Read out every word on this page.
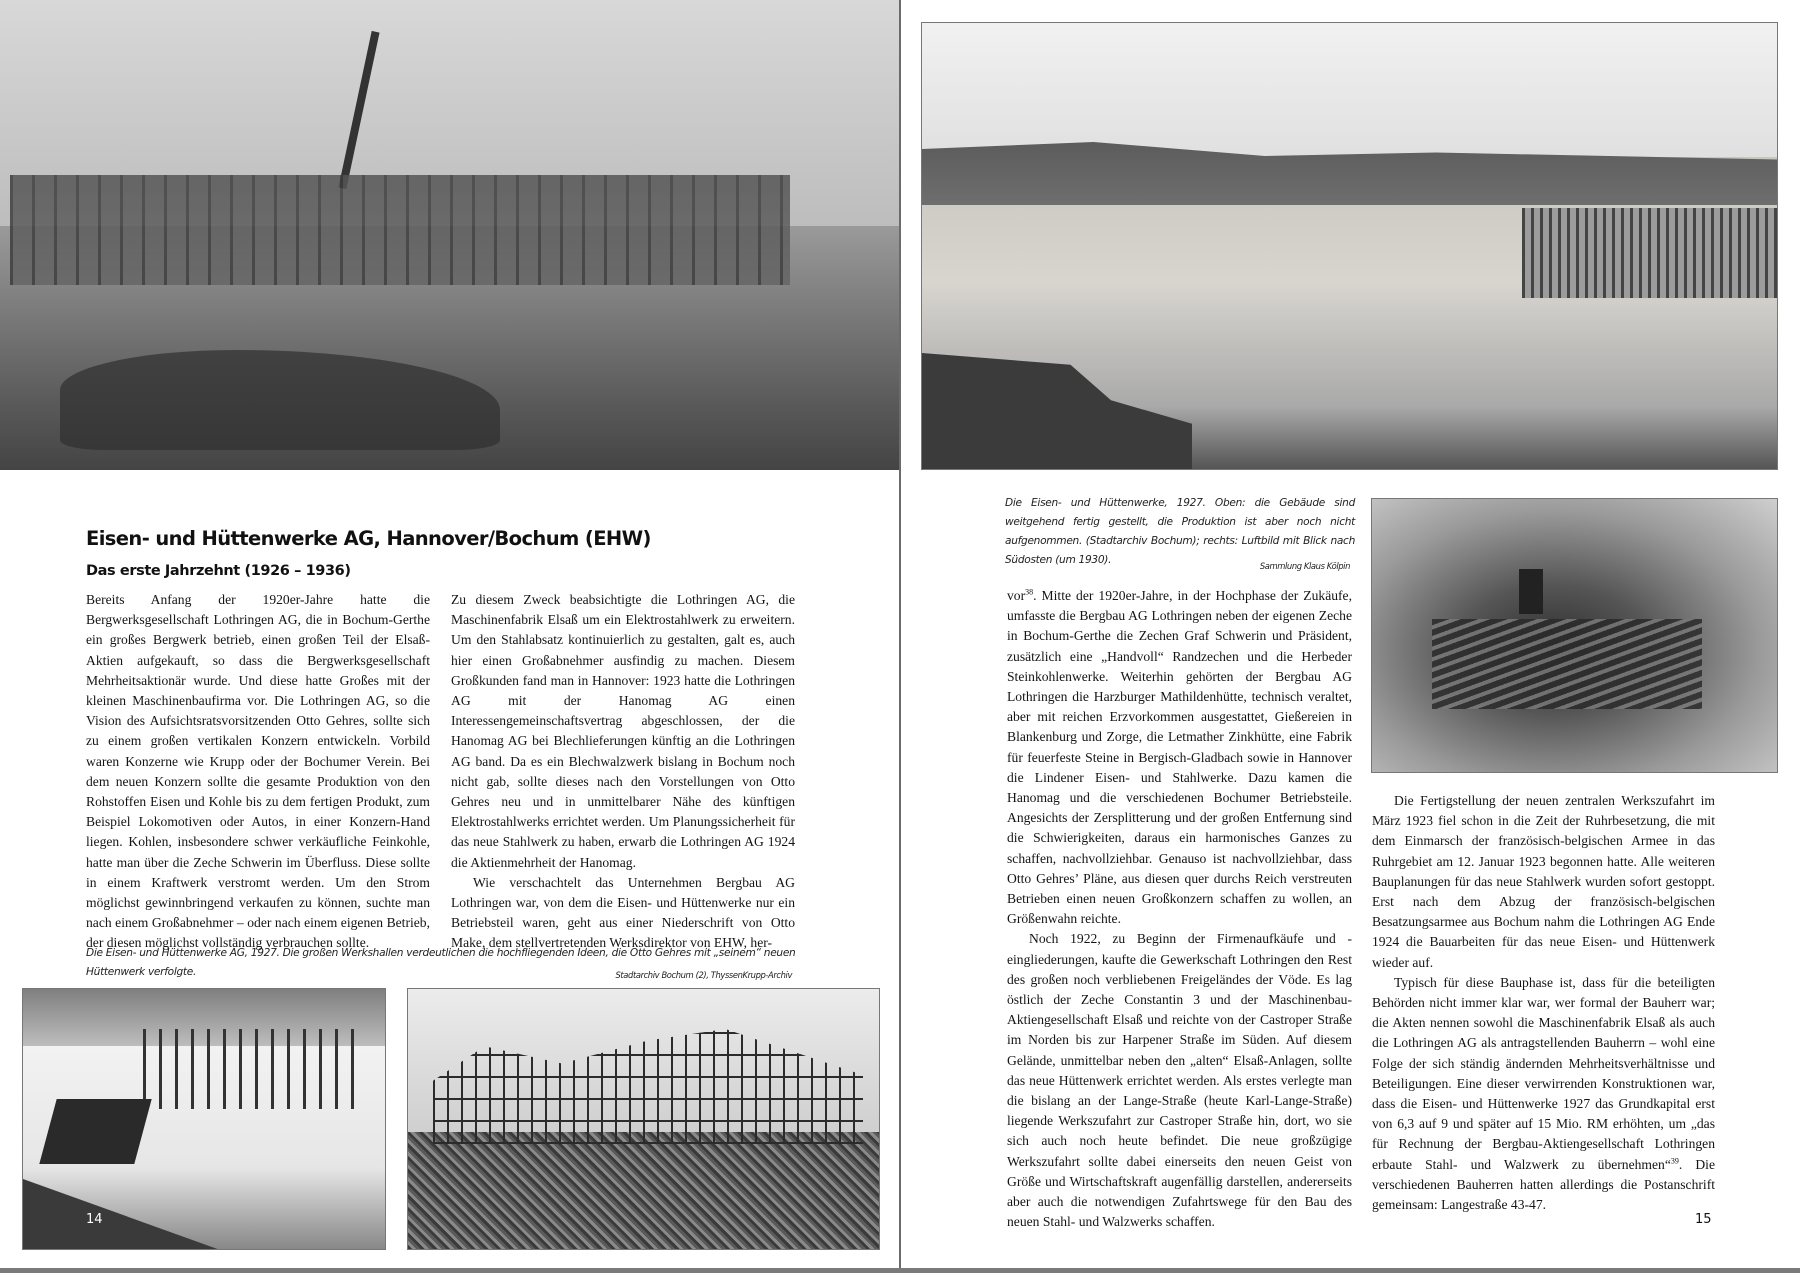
Eisen- und Hüttenwerke AG, Hannover/Bochum (EHW)
Das erste Jahrzehnt (1926 – 1936)

Bereits Anfang der 1920er-Jahre hatte die Bergwerksgesellschaft Lothringen AG, die in Bochum-Gerthe ein großes Bergwerk betrieb, einen großen Teil der Elsaß-Aktien aufgekauft, so dass die Bergwerksgesellschaft Mehrheitsaktionär wurde. Und diese hatte Großes mit der kleinen Maschinenbaufirma vor. Die Lothringen AG, so die Vision des Aufsichtsratsvorsitzenden Otto Gehres, sollte sich zu einem großen vertikalen Konzern entwickeln. Vorbild waren Konzerne wie Krupp oder der Bochumer Verein. Bei dem neuen Konzern sollte die gesamte Produktion von den Rohstoffen Eisen und Kohle bis zu dem fertigen Produkt, zum Beispiel Lokomotiven oder Autos, in einer Konzern-Hand liegen. Kohlen, insbesondere schwer verkäufliche Feinkohle, hatte man über die Zeche Schwerin im Überfluss. Diese sollte in einem Kraftwerk verstromt werden. Um den Strom möglichst gewinnbringend verkaufen zu können, suchte man nach einem Großabnehmer – oder nach einem eigenen Betrieb, der diesen möglichst vollständig verbrauchen sollte.

Zu diesem Zweck beabsichtigte die Lothringen AG, die Maschinenfabrik Elsaß um ein Elektrostahlwerk zu erweitern. Um den Stahlabsatz kontinuierlich zu gestalten, galt es, auch hier einen Großabnehmer ausfindig zu machen. Diesem Großkunden fand man in Hannover: 1923 hatte die Lothringen AG mit der Hanomag AG einen Interessengemeinschaftsvertrag abgeschlossen, der die Hanomag AG bei Blechlieferungen künftig an die Lothringen AG band. Da es ein Blechwalzwerk bislang in Bochum noch nicht gab, sollte dieses nach den Vorstellungen von Otto Gehres neu und in unmittelbarer Nähe des künftigen Elektrostahlwerks errichtet werden. Um Planungssicherheit für das neue Stahlwerk zu haben, erwarb die Lothringen AG 1924 die Aktienmehrheit der Hanomag.

Wie verschachtelt das Unternehmen Bergbau AG Lothringen war, von dem die Eisen- und Hüttenwerke nur ein Betriebsteil waren, geht aus einer Niederschrift von Otto Make, dem stellvertretenden Werksdirektor von EHW, her-

Die Eisen- und Hüttenwerke AG, 1927. Die großen Werkshallen verdeutlichen die hochfliegenden Ideen, die Otto Gehres mit „seinem“ neuen Hüttenwerk verfolgte.	Stadtarchiv Bochum (2), ThyssenKrupp-Archiv
14
Die Eisen- und Hüttenwerke, 1927. Oben: die Gebäude sind weitgehend fertig gestellt, die Produktion ist aber noch nicht aufgenommen. (Stadtarchiv Bochum); rechts: Luftbild mit Blick nach Südosten (um 1930).	Sammlung Klaus Kölpin

vor$^{38}$. Mitte der 1920er-Jahre, in der Hochphase der Zukäufe, umfasste die Bergbau AG Lothringen neben der eigenen Zeche in Bochum-Gerthe die Zechen Graf Schwerin und Präsident, zusätzlich eine „Handvoll“ Randzechen und die Herbeder Steinkohlenwerke. Weiterhin gehörten der Bergbau AG Lothringen die Harzburger Mathildenhütte, technisch veraltet, aber mit reichen Erzvorkommen ausgestattet, Gießereien in Blankenburg und Zorge, die Letmather Zinkhütte, eine Fabrik für feuerfeste Steine in Bergisch-Gladbach sowie in Hannover die Lindener Eisen- und Stahlwerke. Dazu kamen die Hanomag und die verschiedenen Bochumer Betriebsteile. Angesichts der Zersplitterung und der großen Entfernung sind die Schwierigkeiten, daraus ein harmonisches Ganzes zu schaffen, nachvollziehbar. Genauso ist nachvollziehbar, dass Otto Gehres’ Pläne, aus diesen quer durchs Reich verstreuten Betrieben einen neuen Großkonzern schaffen zu wollen, an Größenwahn reichte.

Noch 1922, zu Beginn der Firmenaufkäufe und -eingliederungen, kaufte die Gewerkschaft Lothringen den Rest des großen noch verbliebenen Freigeländes der Vöde. Es lag östlich der Zeche Constantin 3 und der Maschinenbau-Aktiengesellschaft Elsaß und reichte von der Castroper Straße im Norden bis zur Harpener Straße im Süden. Auf diesem Gelände, unmittelbar neben den „alten“ Elsaß-Anlagen, sollte das neue Hüttenwerk errichtet werden. Als erstes verlegte man die bislang an der Lange-Straße (heute Karl-Lange-Straße) liegende Werkszufahrt zur Castroper Straße hin, dort, wo sie sich auch noch heute befindet. Die neue großzügige Werkszufahrt sollte dabei einerseits den neuen Geist von Größe und Wirtschaftskraft augenfällig darstellen, andererseits aber auch die notwendigen Zufahrtswege für den Bau des neuen Stahl- und Walzwerks schaffen.

Die Fertigstellung der neuen zentralen Werkszufahrt im März 1923 fiel schon in die Zeit der Ruhrbesetzung, die mit dem Einmarsch der französisch-belgischen Armee in das Ruhrgebiet am 12. Januar 1923 begonnen hatte. Alle weiteren Bauplanungen für das neue Stahlwerk wurden sofort gestoppt. Erst nach dem Abzug der französisch-belgischen Besatzungsarmee aus Bochum nahm die Lothringen AG Ende 1924 die Bauarbeiten für das neue Eisen- und Hüttenwerk wieder auf.

Typisch für diese Bauphase ist, dass für die beteiligten Behörden nicht immer klar war, wer formal der Bauherr war; die Akten nennen sowohl die Maschinenfabrik Elsaß als auch die Lothringen AG als antragstellenden Bauherrn – wohl eine Folge der sich ständig ändernden Mehrheitsverhältnisse und Beteiligungen. Eine dieser verwirrenden Konstruktionen war, dass die Eisen- und Hüttenwerke 1927 das Grundkapital erst von 6,3 auf 9 und später auf 15 Mio. RM erhöhten, um „das für Rechnung der Bergbau-Aktiengesellschaft Lothringen erbaute Stahl- und Walzwerk zu übernehmen“$^{39}$. Die verschiedenen Bauherren hatten allerdings die Postanschrift gemeinsam: Langestraße 43-47.

15
